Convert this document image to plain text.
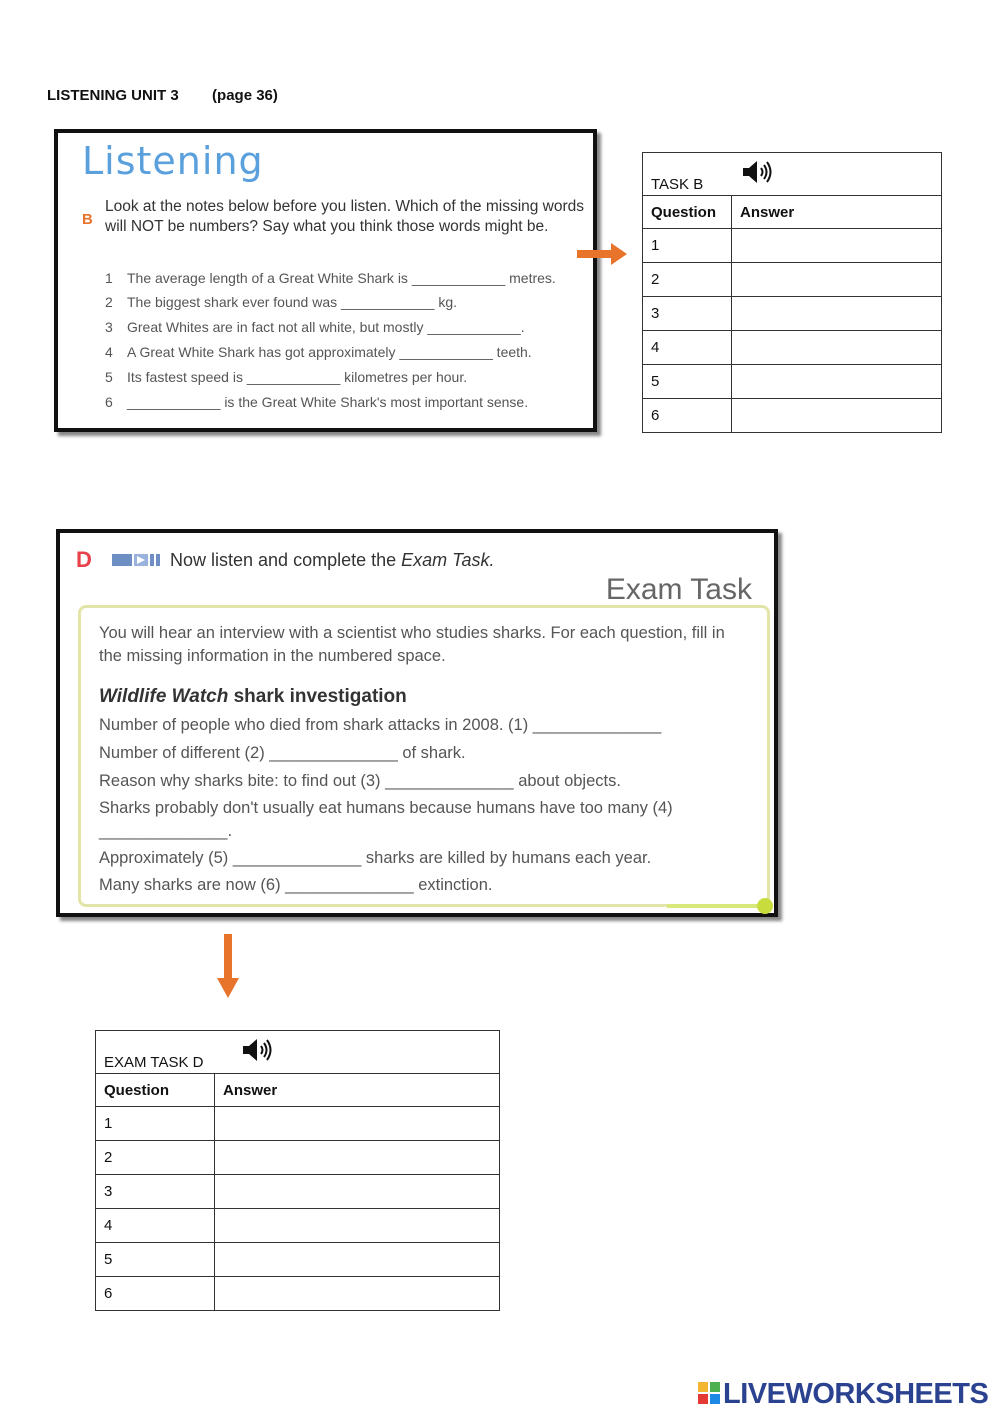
LISTENING UNIT 3 (page 36)
Listening
B
Look at the notes below before you listen. Which of the missing words will NOT be numbers? Say what you think those words might be.
1 The average length of a Great White Shark is ____________ metres.
2 The biggest shark ever found was ____________ kg.
3 Great Whites are in fact not all white, but mostly ____________.
4 A Great White Shark has got approximately ____________ teeth.
5 Its fastest speed is ____________ kilometres per hour.
6 ____________ is the Great White Shark's most important sense.
TASK B	

Question	Answer
1	
2	
3	
4	
5	
6	
D	Now listen and complete the Exam Task.
Exam Task
You will hear an interview with a scientist who studies sharks. For each question, fill in the missing information in the numbered space.
Wildlife Watch shark investigation
Number of people who died from shark attacks in 2008. (1) ______________
Number of different (2) ______________ of shark.
Reason why sharks bite: to find out (3) ______________ about objects.
Sharks probably don't usually eat humans because humans have too many (4) ______________.
Approximately (5) ______________ sharks are killed by humans each year.
Many sharks are now (6) ______________ extinction.
EXAM TASK D	

Question	Answer
1	
2	
3	
4	
5	
6	
LIVEWORKSHEETS
